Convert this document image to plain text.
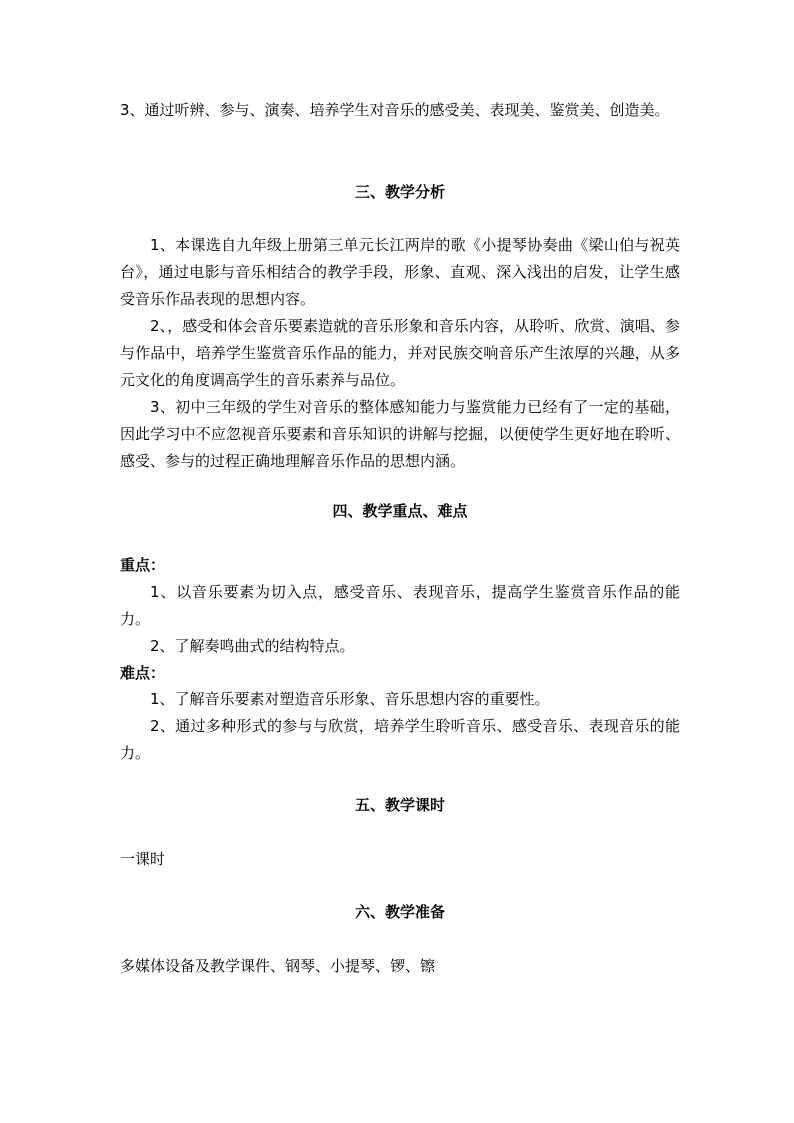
3、通过听辨、参与、演奏、培养学生对音乐的感受美、表现美、鉴赏美、创造美。

三、教学分析

1、本课选自九年级上册第三单元长江两岸的歌《小提琴协奏曲《梁山伯与祝英台》，通过电影与音乐相结合的教学手段，形象、直观、深入浅出的启发，让学生感受音乐作品表现的思想内容。

2、，感受和体会音乐要素造就的音乐形象和音乐内容，从聆听、欣赏、演唱、参与作品中，培养学生鉴赏音乐作品的能力，并对民族交响音乐产生浓厚的兴趣，从多元文化的角度调高学生的音乐素养与品位。

3、初中三年级的学生对音乐的整体感知能力与鉴赏能力已经有了一定的基础，因此学习中不应忽视音乐要素和音乐知识的讲解与挖掘，以便使学生更好地在聆听、感受、参与的过程正确地理解音乐作品的思想内涵。

四、教学重点、难点

重点：

1、以音乐要素为切入点，感受音乐、表现音乐，提高学生鉴赏音乐作品的能力。

2、了解奏鸣曲式的结构特点。

难点：

1、了解音乐要素对塑造音乐形象、音乐思想内容的重要性。

2、通过多种形式的参与与欣赏，培养学生聆听音乐、感受音乐、表现音乐的能力。

五、教学课时

一课时

六、教学准备

多媒体设备及教学课件、钢琴、小提琴、锣、镲
